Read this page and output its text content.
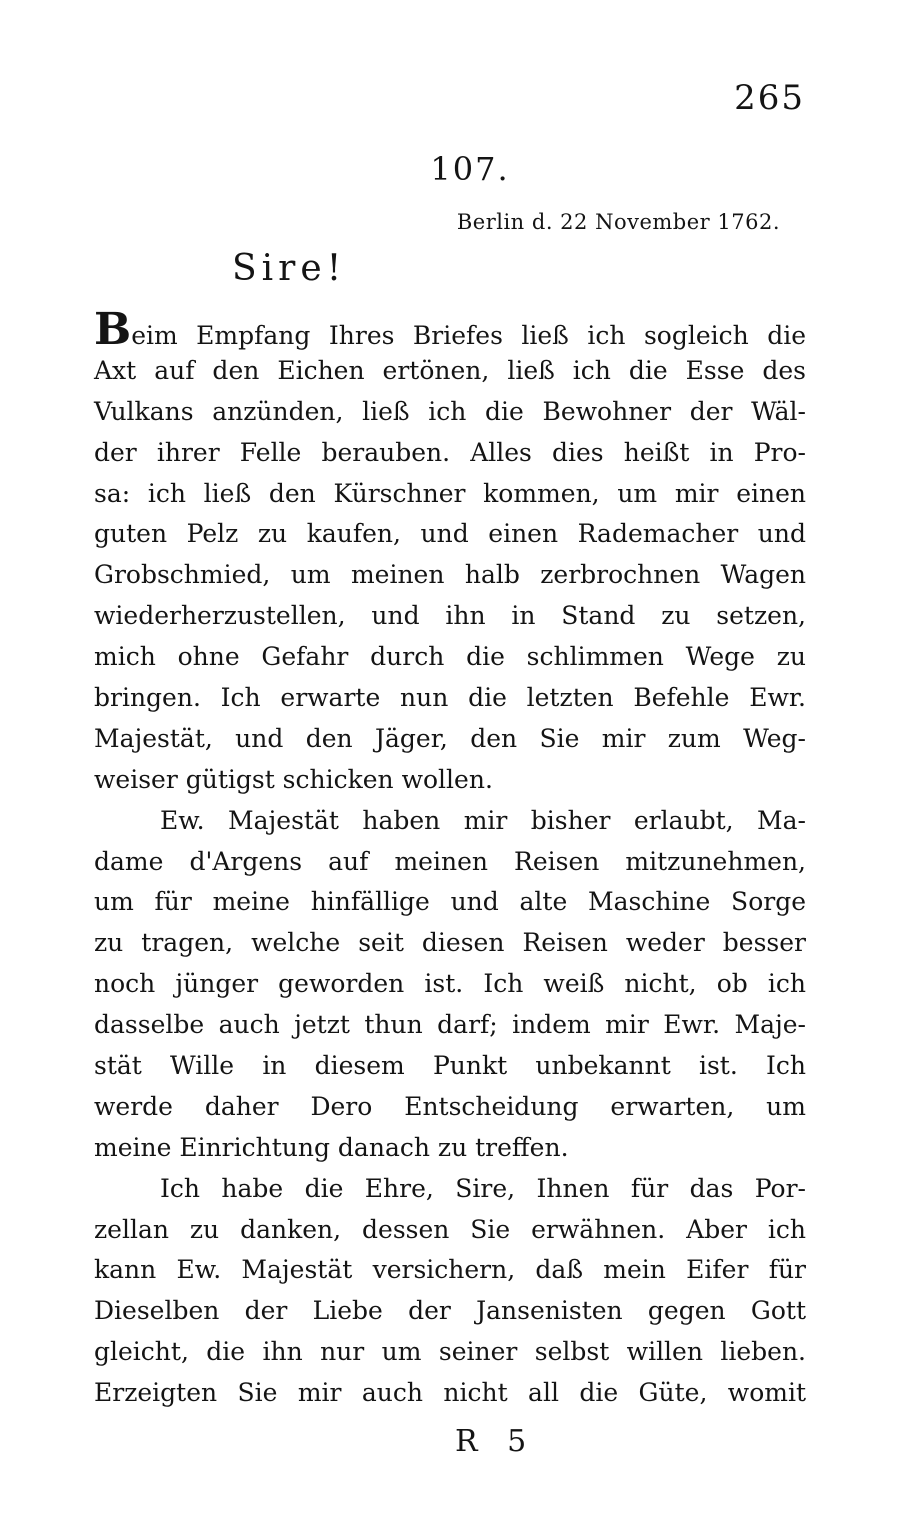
265
107.
Berlin d. 22 November 1762.
Sire!
Beim Empfang Ihres Briefes ließ ich sogleich die
Axt auf den Eichen ertönen, ließ ich die Esse des
Vulkans anzünden, ließ ich die Bewohner der Wäl-
der ihrer Felle berauben. Alles dies heißt in Pro-
sa: ich ließ den Kürschner kommen, um mir einen
guten Pelz zu kaufen, und einen Rademacher und
Grobschmied, um meinen halb zerbrochnen Wagen
wiederherzustellen, und ihn in Stand zu setzen,
mich ohne Gefahr durch die schlimmen Wege zu
bringen. Ich erwarte nun die letzten Befehle Ewr.
Majestät, und den Jäger, den Sie mir zum Weg-
weiser gütigst schicken wollen.
Ew. Majestät haben mir bisher erlaubt, Ma-
dame d'Argens auf meinen Reisen mitzunehmen,
um für meine hinfällige und alte Maschine Sorge
zu tragen, welche seit diesen Reisen weder besser
noch jünger geworden ist. Ich weiß nicht, ob ich
dasselbe auch jetzt thun darf; indem mir Ewr. Maje-
stät Wille in diesem Punkt unbekannt ist. Ich
werde daher Dero Entscheidung erwarten, um
meine Einrichtung danach zu treffen.
Ich habe die Ehre, Sire, Ihnen für das Por-
zellan zu danken, dessen Sie erwähnen. Aber ich
kann Ew. Majestät versichern, daß mein Eifer für
Dieselben der Liebe der Jansenisten gegen Gott
gleicht, die ihn nur um seiner selbst willen lieben.
Erzeigten Sie mir auch nicht all die Güte, womit
R 5
